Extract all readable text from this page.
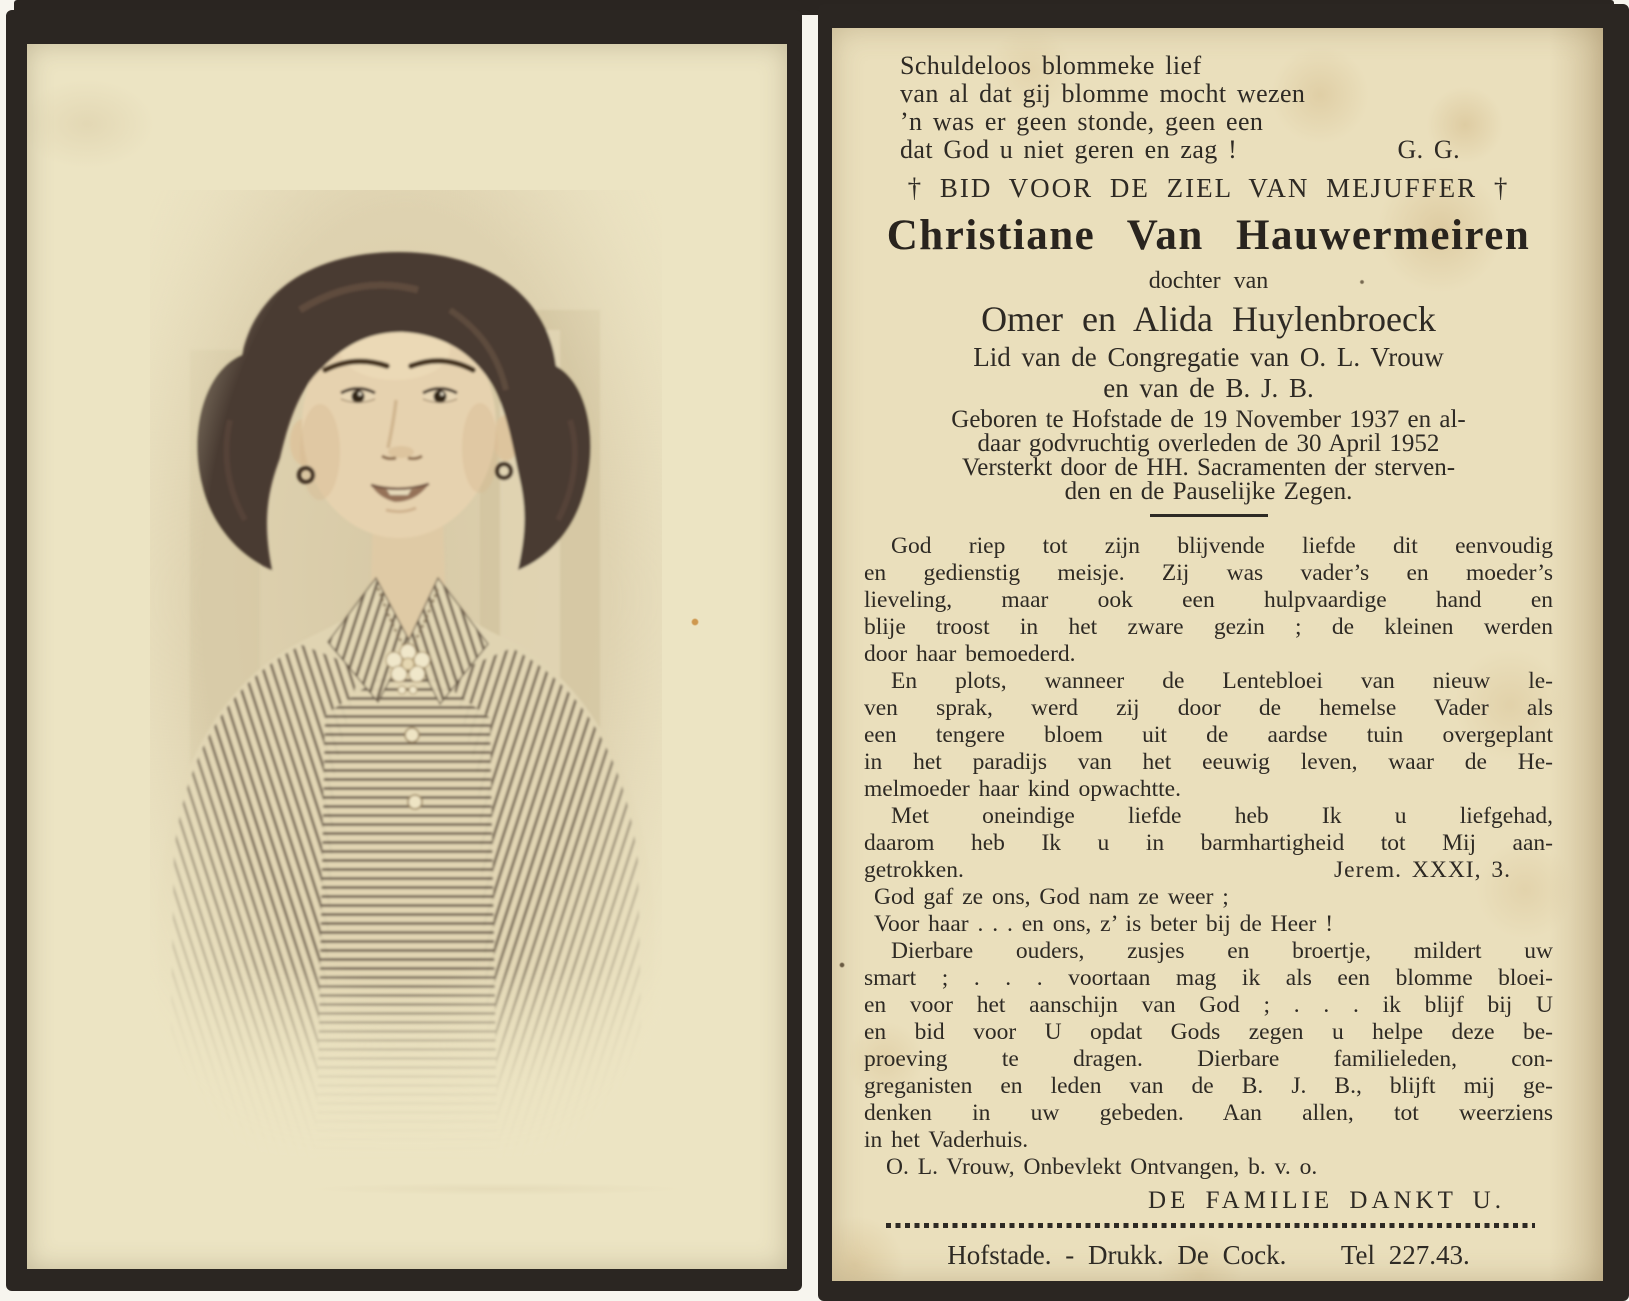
Schuldeloos blommeke lief
van al dat gij blomme mocht wezen
’n was er geen stonde, geen een
dat God u niet geren en zag !	G. G.
† BID VOOR DE ZIEL VAN MEJUFFER †
Christiane Van Hauwermeiren
dochter van
Omer en Alida Huylenbroeck
Lid van de Congregatie van O. L. Vrouw
en van de B. J. B.
Geboren te Hofstade de 19 November 1937 en al-
daar godvruchtig overleden de 30 April 1952
Versterkt door de HH. Sacramenten der sterven-
den en de Pauselijke Zegen.
God riep tot zijn blijvende liefde dit eenvoudig
en gedienstig meisje. Zij was vader’s en moeder’s
lieveling, maar ook een hulpvaardige hand en
blije troost in het zware gezin ; de kleinen werden
door haar bemoederd.
En plots, wanneer de Lentebloei van nieuw le-
ven sprak, werd zij door de hemelse Vader als
een tengere bloem uit de aardse tuin overgeplant
in het paradijs van het eeuwig leven, waar de He-
melmoeder haar kind opwachtte.
Met oneindige liefde heb Ik u liefgehad,
daarom heb Ik u in barmhartigheid tot Mij aan-
getrokken.	Jerem. XXXI, 3.
God gaf ze ons, God nam ze weer ;
Voor haar . . . en ons, z’ is beter bij de Heer !
Dierbare ouders, zusjes en broertje, mildert uw
smart ; . . . voortaan mag ik als een blomme bloei-
en voor het aanschijn van God ; . . . ik blijf bij U
en bid voor U opdat Gods zegen u helpe deze be-
proeving te dragen. Dierbare familieleden, con-
greganisten en leden van de B. J. B., blijft mij ge-
denken in uw gebeden. Aan allen, tot weerziens
in het Vaderhuis.
O. L. Vrouw, Onbevlekt Ontvangen, b. v. o.
DE FAMILIE DANKT U.
Hofstade. - Drukk. De Cock.    Tel 227.43.
